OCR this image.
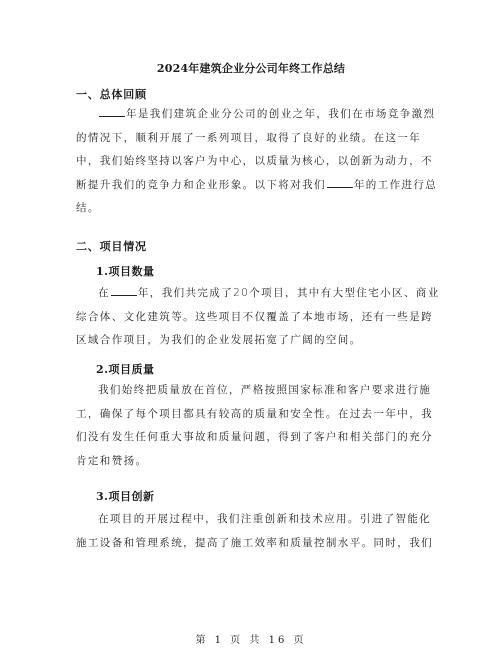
2024年建筑企业分公司年终工作总结
一、总体回顾
年是我们建筑企业分公司的创业之年，我们在市场竞争激烈
的情况下，顺利开展了一系列项目，取得了良好的业绩。在这一年
中，我们始终坚持以客户为中心，以质量为核心，以创新为动力，不
断提升我们的竞争力和企业形象。以下将对我们	年的工作进行总
结。
二、项目情况
1.项目数量
在	年，我们共完成了20个项目，其中有大型住宅小区、商业
综合体、文化建筑等。这些项目不仅覆盖了本地市场，还有一些是跨
区域合作项目，为我们的企业发展拓宽了广阔的空间。
2.项目质量
我们始终把质量放在首位，严格按照国家标准和客户要求进行施
工，确保了每个项目都具有较高的质量和安全性。在过去一年中，我
们没有发生任何重大事故和质量问题，得到了客户和相关部门的充分
肯定和赞扬。
3.项目创新
在项目的开展过程中，我们注重创新和技术应用。引进了智能化
施工设备和管理系统，提高了施工效率和质量控制水平。同时，我们
第 1 页 共 16 页
